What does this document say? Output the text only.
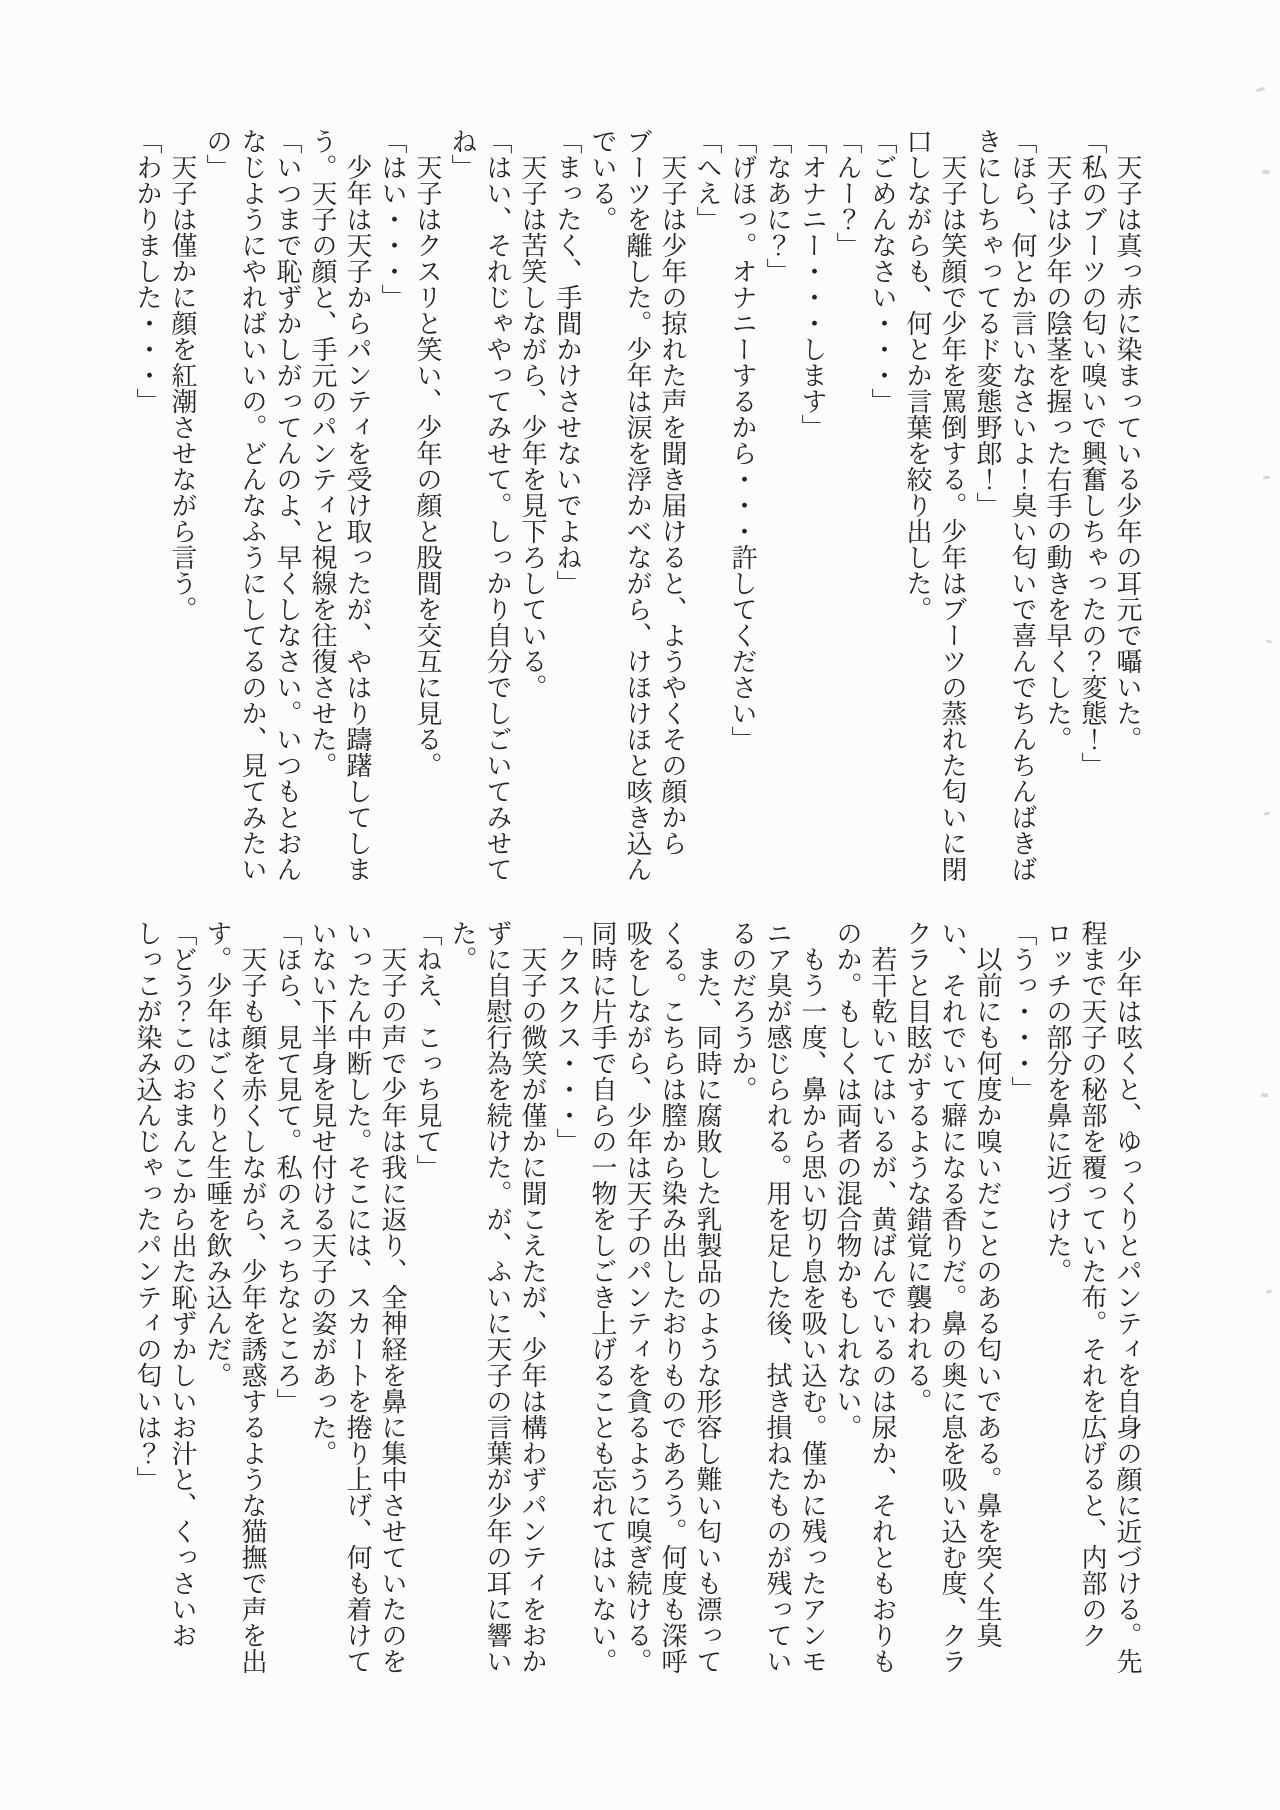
　天子は真っ赤に染まっている少年の耳元で囁いた。

「私のブーツの匂い嗅いで興奮しちゃったの？変態！」

　天子は少年の陰茎を握った右手の動きを早くした。

「ほら、何とか言いなさいよ！臭い匂いで喜んでちんちんばきばきにしちゃってるド変態野郎！」

　天子は笑顔で少年を罵倒する。少年はブーツの蒸れた匂いに閉口しながらも、何とか言葉を絞り出した。

「ごめんなさい・・・」

「んー？」

「オナニー・・・します」

「なあに？」

「げほっ。オナニーするから・・・許してください」

「へえ」

　天子は少年の掠れた声を聞き届けると、ようやくその顔からブーツを離した。少年は涙を浮かべながら、けほけほと咳き込んでいる。

「まったく、手間かけさせないでよね」

　天子は苦笑しながら、少年を見下ろしている。

「はい、それじゃやってみせて。しっかり自分でしごいてみせてね」

　天子はクスリと笑い、少年の顔と股間を交互に見る。

「はい・・・」

　少年は天子からパンティを受け取ったが、やはり躊躇してしまう。天子の顔と、手元のパンティと視線を往復させた。

「いつまで恥ずかしがってんのよ、早くしなさい。いつもとおんなじようにやればいいの。どんなふうにしてるのか、見てみたいの」

　天子は僅かに顔を紅潮させながら言う。

「わかりました・・・」

　少年は呟くと、ゆっくりとパンティを自身の顔に近づける。先程まで天子の秘部を覆っていた布。それを広げると、内部のクロッチの部分を鼻に近づけた。

「うっ・・・」

　以前にも何度か嗅いだことのある匂いである。鼻を突く生臭い、それでいて癖になる香りだ。鼻の奥に息を吸い込む度、クラクラと目眩がするような錯覚に襲われる。

　若干乾いてはいるが、黄ばんでいるのは尿か、それともおりものか。もしくは両者の混合物かもしれない。

　もう一度、鼻から思い切り息を吸い込む。僅かに残ったアンモニア臭が感じられる。用を足した後、拭き損ねたものが残っているのだろうか。

　また、同時に腐敗した乳製品のような形容し難い匂いも漂ってくる。こちらは膣から染み出したおりものであろう。何度も深呼吸をしながら、少年は天子のパンティを貪るように嗅ぎ続ける。同時に片手で自らの一物をしごき上げることも忘れてはいない。

「クスクス・・・」

　天子の微笑が僅かに聞こえたが、少年は構わずパンティをおかずに自慰行為を続けた。が、ふいに天子の言葉が少年の耳に響いた。

「ねえ、こっち見て」

　天子の声で少年は我に返り、全神経を鼻に集中させていたのをいったん中断した。そこには、スカートを捲り上げ、何も着けていない下半身を見せ付ける天子の姿があった。

「ほら、見て見て。私のえっちなところ」

　天子も顔を赤くしながら、少年を誘惑するような猫撫で声を出す。少年はごくりと生唾を飲み込んだ。

「どう？このおまんこから出た恥ずかしいお汁と、くっさいおしっこが染み込んじゃったパンティの匂いは？」
